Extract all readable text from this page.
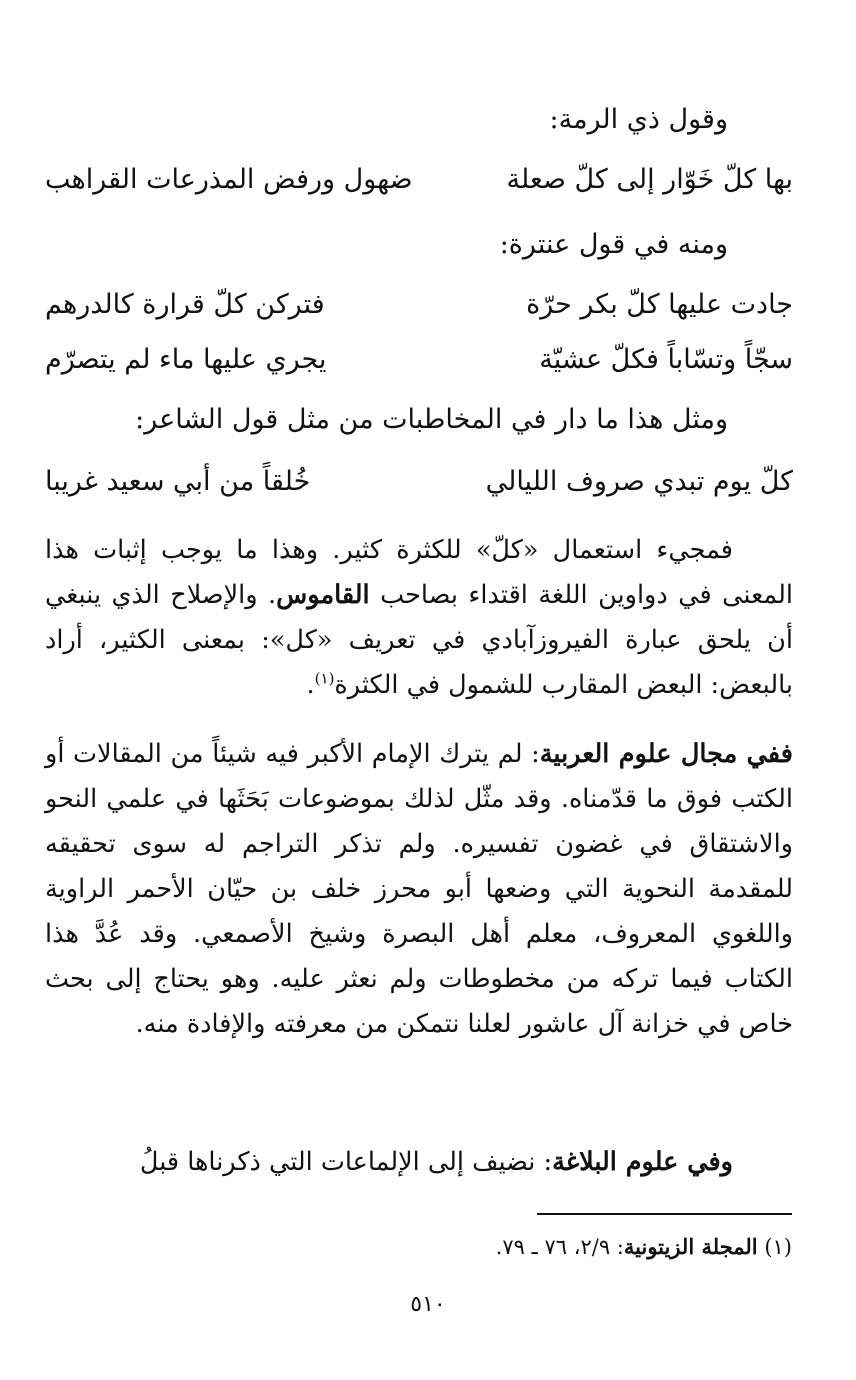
وقول ذي الرمة:
بها كلّ خَوّار إلى كلّ صعلة
ضهول ورفض المذرعات القراهب
ومنه في قول عنترة:
جادت عليها كلّ بكر حرّة
فتركن كلّ قرارة كالدرهم
سجّاً وتسّاباً فكلّ عشيّة
يجري عليها ماء لم يتصرّم
ومثل هذا ما دار في المخاطبات من مثل قول الشاعر:
كلّ يوم تبدي صروف الليالي
خُلقاً من أبي سعيد غريبا
فمجيء استعمال «كلّ» للكثرة كثير. وهذا ما يوجب إثبات هذا المعنى في دواوين اللغة اقتداء بصاحب القاموس. والإصلاح الذي ينبغي أن يلحق عبارة الفيروزآبادي في تعريف «كل»: بمعنى الكثير، أراد بالبعض: البعض المقارب للشمول في الكثرة$^{(١)}$.
ففي مجال علوم العربية: لم يترك الإمام الأكبر فيه شيئاً من المقالات أو الكتب فوق ما قدّمناه. وقد مثّل لذلك بموضوعات بَحَثَها في علمي النحو والاشتقاق في غضون تفسيره. ولم تذكر التراجم له سوى تحقيقه للمقدمة النحوية التي وضعها أبو محرز خلف بن حيّان الأحمر الراوية واللغوي المعروف، معلم أهل البصرة وشيخ الأصمعي. وقد عُدَّ هذا الكتاب فيما تركه من مخطوطات ولم نعثر عليه. وهو يحتاج إلى بحث خاص في خزانة آل عاشور لعلنا نتمكن من معرفته والإفادة منه.
وفي علوم البلاغة: نضيف إلى الإلماعات التي ذكرناها قبلُ
(١) المجلة الزيتونية: ٢/٩، ٧٦ ـ ٧٩.
٥١٠
